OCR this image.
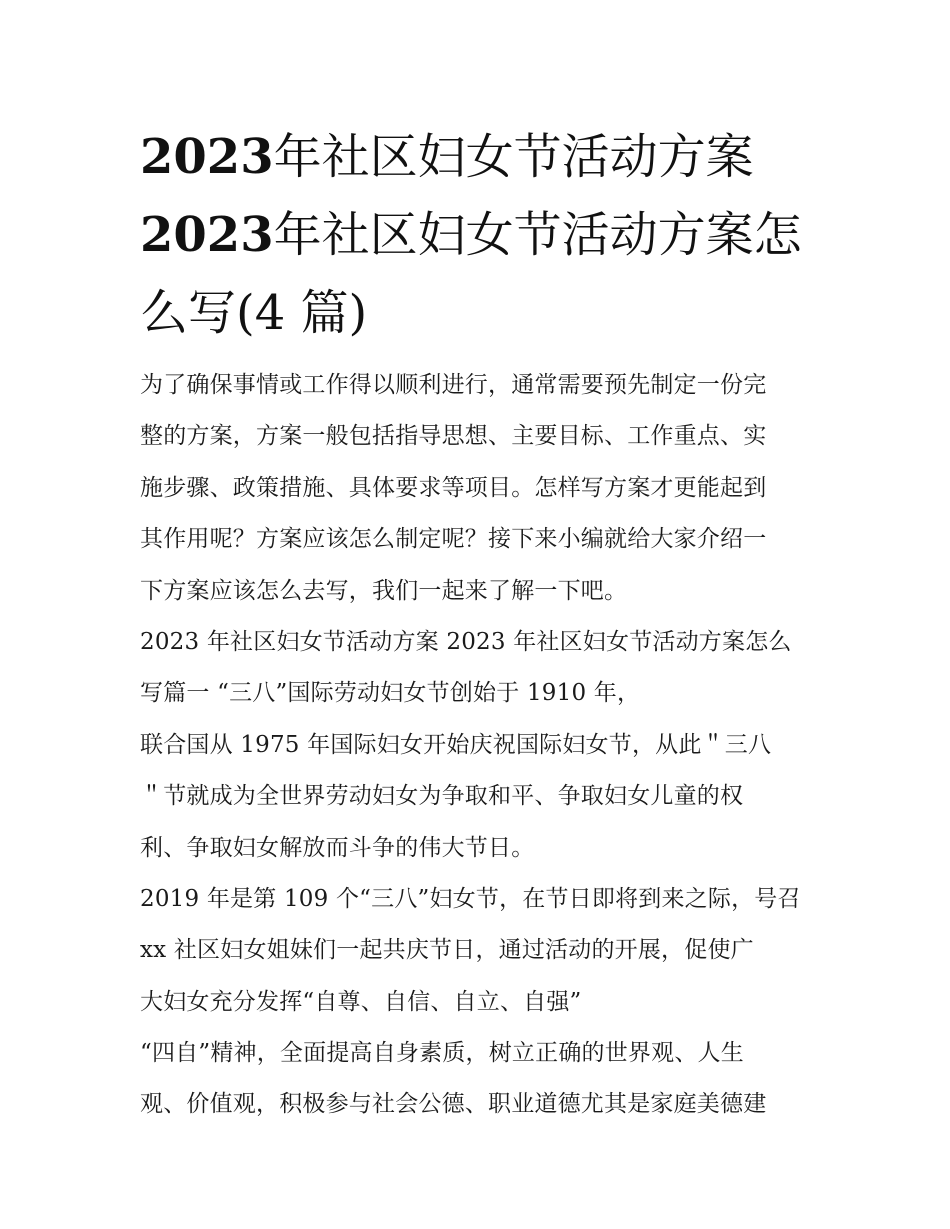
2023年社区妇女节活动方案
2023年社区妇女节活动方案怎
么写(4 篇)
为了确保事情或工作得以顺利进行，通常需要预先制定一份完
整的方案，方案一般包括指导思想、主要目标、工作重点、实
施步骤、政策措施、具体要求等项目。怎样写方案才更能起到
其作用呢？方案应该怎么制定呢？接下来小编就给大家介绍一
下方案应该怎么去写，我们一起来了解一下吧。
2023 年社区妇女节活动方案 2023 年社区妇女节活动方案怎么
写篇一 “三八”国际劳动妇女节创始于 1910 年，
联合国从 1975 年国际妇女开始庆祝国际妇女节，从此＂三八
＂节就成为全世界劳动妇女为争取和平、争取妇女儿童的权
利、争取妇女解放而斗争的伟大节日。
2019 年是第 109 个“三八”妇女节，在节日即将到来之际，号召
xx 社区妇女姐妹们一起共庆节日，通过活动的开展，促使广
大妇女充分发挥“自尊、自信、自立、自强”
“四自”精神，全面提高自身素质，树立正确的世界观、人生
观、价值观，积极参与社会公德、职业道德尤其是家庭美德建
